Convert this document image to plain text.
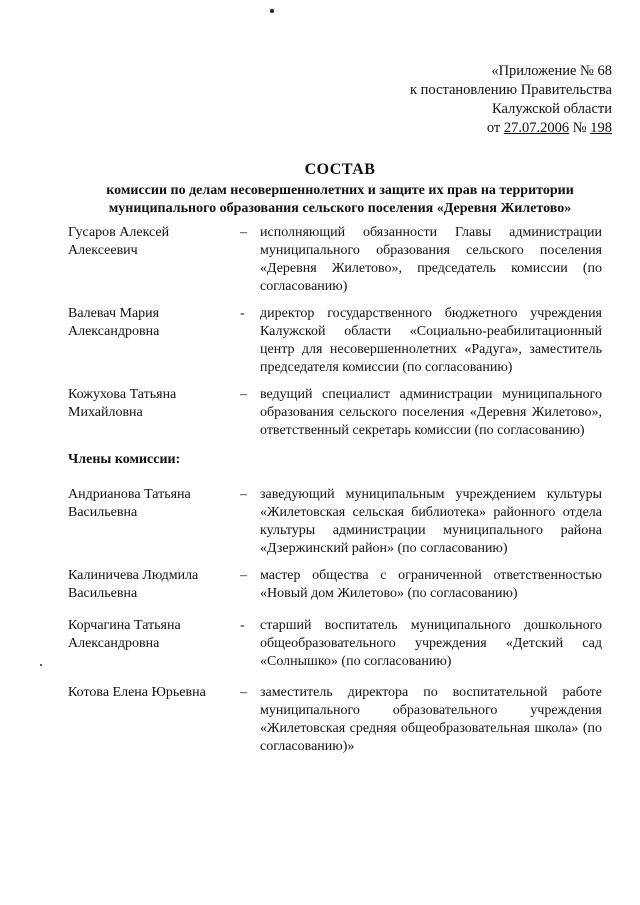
«Приложение № 68
к постановлению Правительства
Калужской области
от 27.07.2006 № 198
СОСТАВ
комиссии по делам несовершеннолетних и защите их прав на территории муниципального образования сельского поселения «Деревня Жилетово»
Гусаров Алексей Алексеевич
– исполняющий обязанности Главы администрации муниципального образования сельского поселения «Деревня Жилетово», председатель комиссии (по согласованию)
Валевач Мария Александровна
-	директор государственного бюджетного учреждения Калужской области «Социально-реабилитационный центр для несовершеннолетних «Радуга», заместитель председателя комиссии (по согласованию)
Кожухова Татьяна Михайловна
– ведущий специалист администрации муниципального образования сельского поселения «Деревня Жилетово», ответственный секретарь комиссии (по согласованию)
Члены комиссии:
Андрианова Татьяна Васильевна
– заведующий муниципальным учреждением культуры «Жилетовская сельская библиотека» районного отдела культуры администрации муниципального района «Дзержинский район» (по согласованию)
Калиничева Людмила Васильевна
– мастер общества с ограниченной ответственностью «Новый дом Жилетово» (по согласованию)
Корчагина Татьяна Александровна
-	старший воспитатель муниципального дошкольного общеобразовательного учреждения «Детский сад «Солнышко» (по согласованию)
Котова Елена Юрьевна	– заместитель директора по воспитательной работе муниципального образовательного учреждения «Жилетовская средняя общеобразовательная школа» (по согласованию)»
